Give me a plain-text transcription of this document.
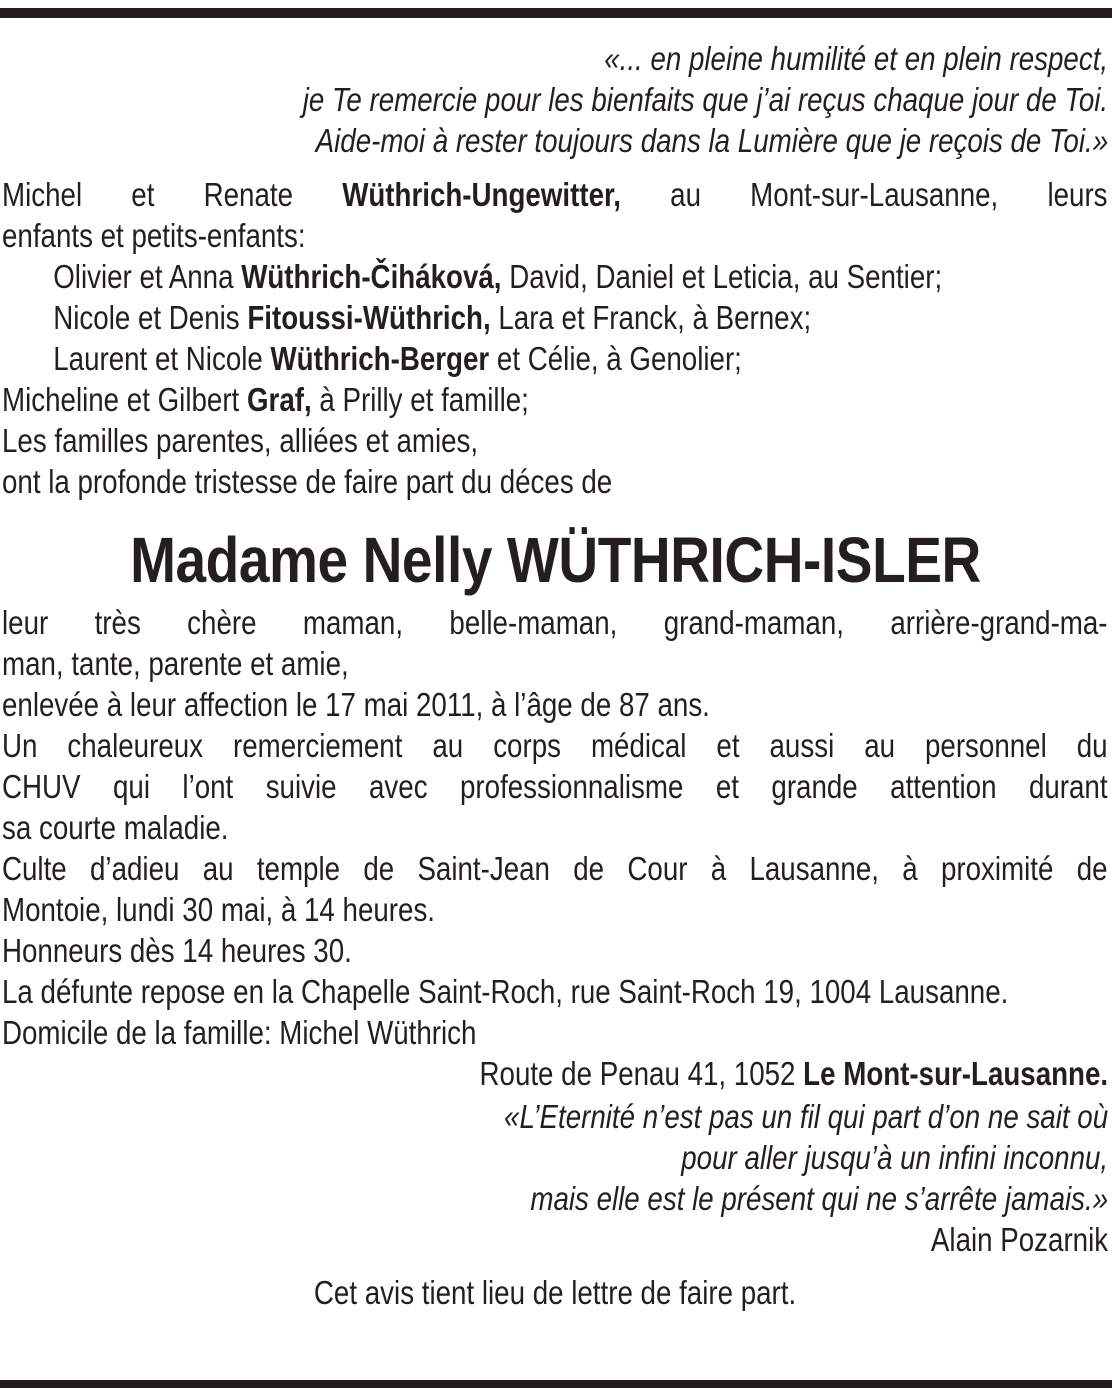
«... en pleine humilité et en plein respect,
je Te remercie pour les bienfaits que j’ai reçus chaque jour de Toi.
Aide-moi à rester toujours dans la Lumière que je reçois de Toi.»
Michel et Renate Wüthrich-Ungewitter, au Mont-sur-Lausanne, leurs
enfants et petits-enfants:
Olivier et Anna Wüthrich-Čiháková, David, Daniel et Leticia, au Sentier;
Nicole et Denis Fitoussi-Wüthrich, Lara et Franck, à Bernex;
Laurent et Nicole Wüthrich-Berger et Célie, à Genolier;
Micheline et Gilbert Graf, à Prilly et famille;
Les familles parentes, alliées et amies,
ont la profonde tristesse de faire part du déces de
Madame Nelly WÜTHRICH-ISLER
leur très chère maman, belle-maman, grand-maman, arrière-grand-ma-
man, tante, parente et amie,
enlevée à leur affection le 17 mai 2011, à l’âge de 87 ans.
Un chaleureux remerciement au corps médical et aussi au personnel du
CHUV qui l’ont suivie avec professionnalisme et grande attention durant
sa courte maladie.
Culte d’adieu au temple de Saint-Jean de Cour à Lausanne, à proximité de
Montoie, lundi 30 mai, à 14 heures.
Honneurs dès 14 heures 30.
La défunte repose en la Chapelle Saint-Roch, rue Saint-Roch 19, 1004 Lausanne.
Domicile de la famille: Michel Wüthrich
Route de Penau 41, 1052 Le Mont-sur-Lausanne.
«L’Eternité n’est pas un fil qui part d’on ne sait où
pour aller jusqu’à un infini inconnu,
mais elle est le présent qui ne s’arrête jamais.»
Alain Pozarnik
Cet avis tient lieu de lettre de faire part.
